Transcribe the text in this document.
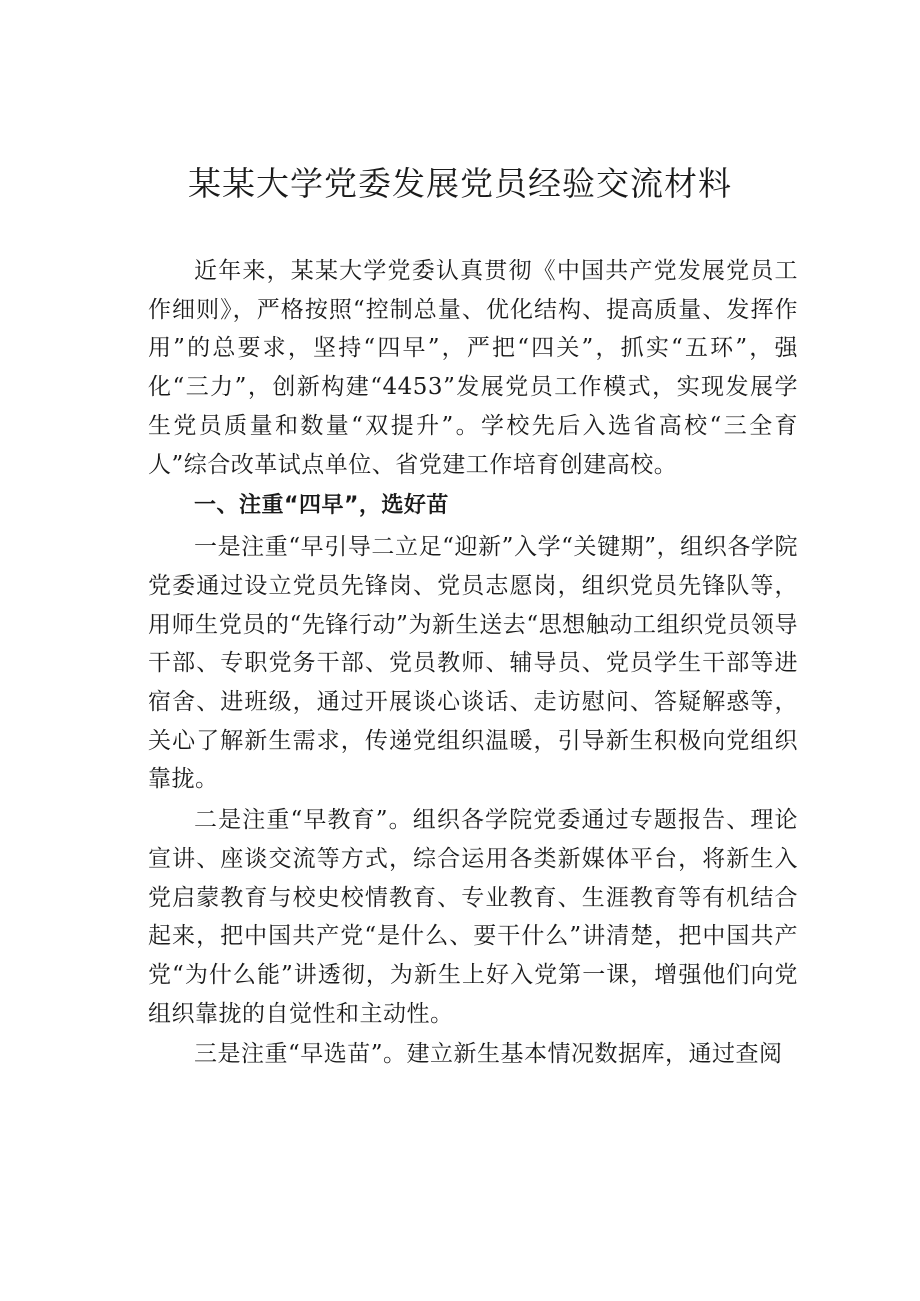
某某大学党委发展党员经验交流材料

近年来，某某大学党委认真贯彻《中国共产党发展党员工作细则》，严格按照“控制总量、优化结构、提高质量、发挥作用”的总要求，坚持“四早”，严把“四关”，抓实“五环”，强化“三力”，创新构建“4453”发展党员工作模式，实现发展学生党员质量和数量“双提升”。学校先后入选省高校“三全育人”综合改革试点单位、省党建工作培育创建高校。

一、注重“四早”，选好苗

一是注重“早引导二立足“迎新”入学“关键期”，组织各学院党委通过设立党员先锋岗、党员志愿岗，组织党员先锋队等，用师生党员的“先锋行动”为新生送去“思想触动工组织党员领导干部、专职党务干部、党员教师、辅导员、党员学生干部等进宿舍、进班级，通过开展谈心谈话、走访慰问、答疑解惑等，关心了解新生需求，传递党组织温暖，引导新生积极向党组织靠拢。

二是注重“早教育”。组织各学院党委通过专题报告、理论宣讲、座谈交流等方式，综合运用各类新媒体平台，将新生入党启蒙教育与校史校情教育、专业教育、生涯教育等有机结合起来，把中国共产党“是什么、要干什么”讲清楚，把中国共产党“为什么能”讲透彻，为新生上好入党第一课，增强他们向党组织靠拢的自觉性和主动性。

三是注重“早选苗”。建立新生基本情况数据库，通过查阅
